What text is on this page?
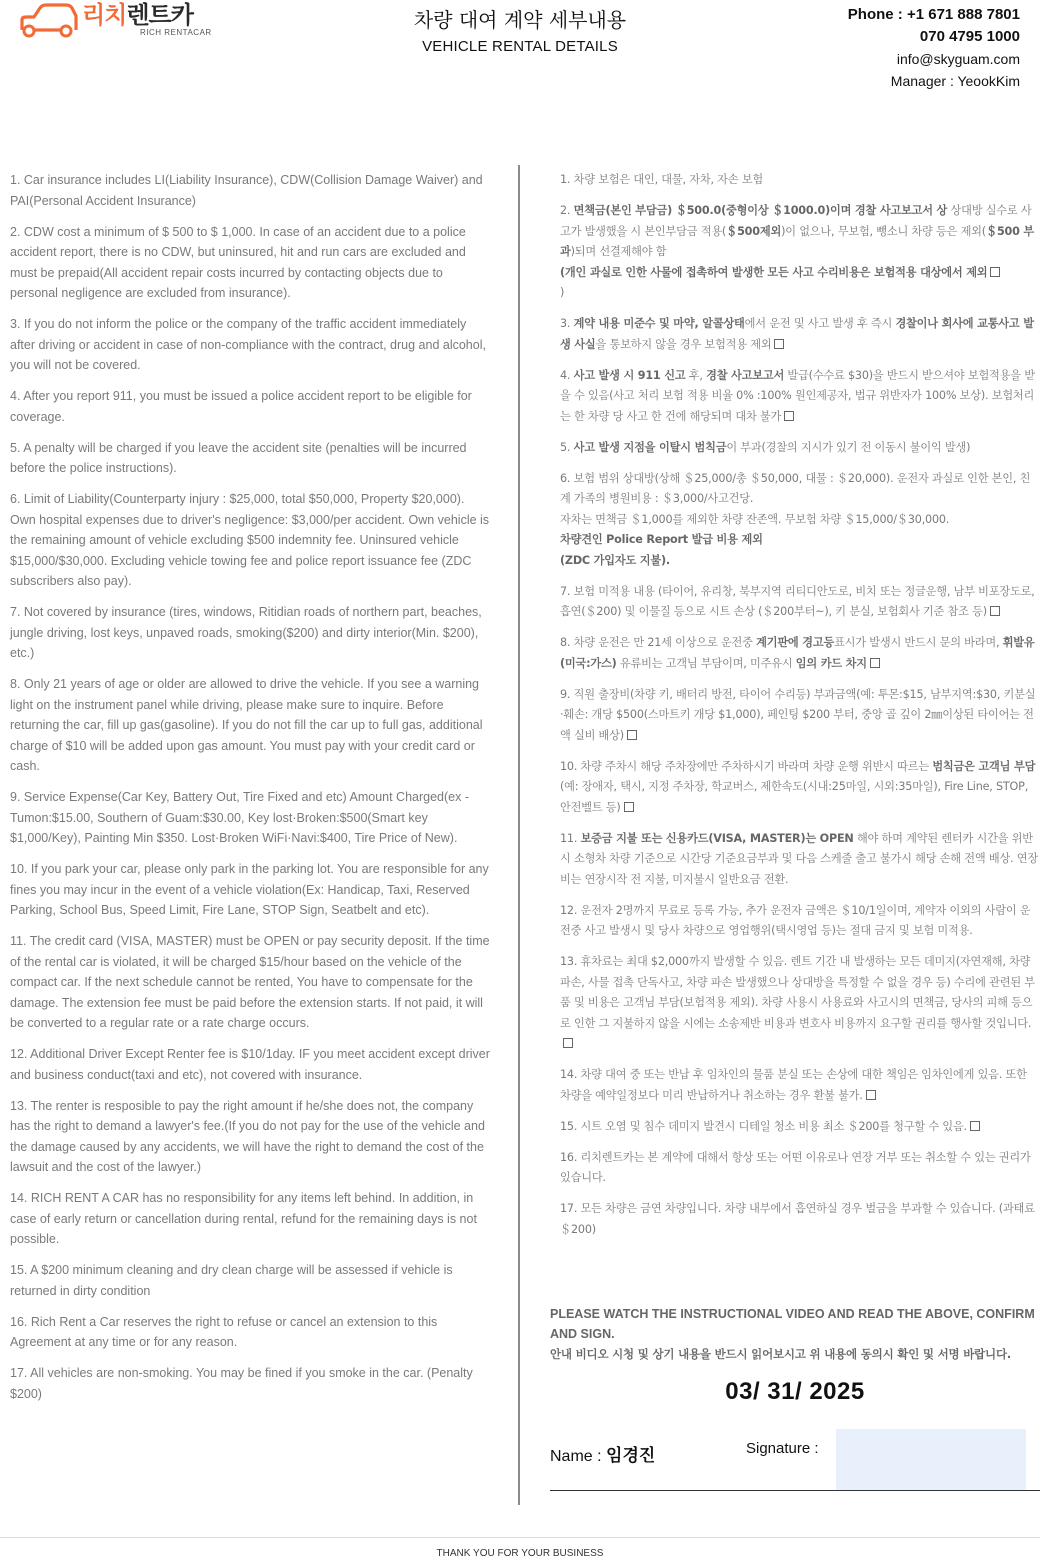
리치렌트카
RICH RENTACAR
차량 대여 계약 세부내용
VEHICLE RENTAL DETAILS
Phone : +1 671 888 7801
070 4795 1000
info@skyguam.com
Manager : YeookKim

1. Car insurance includes LI(Liability Insurance), CDW(Collision Damage Waiver) and PAI(Personal Accident Insurance)

2. CDW cost a minimum of $ 500 to $ 1,000. In case of an accident due to a police accident report, there is no CDW, but uninsured, hit and run cars are excluded and must be prepaid(All accident repair costs incurred by contacting objects due to personal negligence are excluded from insurance).

3. If you do not inform the police or the company of the traffic accident immediately after driving or accident in case of non-compliance with the contract, drug and alcohol, you will not be covered.

4. After you report 911, you must be issued a police accident report to be eligible for coverage.

5. A penalty will be charged if you leave the accident site (penalties will be incurred before the police instructions).

6. Limit of Liability(Counterparty injury : $25,000, total $50,000, Property $20,000). Own hospital expenses due to driver's negligence: $3,000/per accident. Own vehicle is the remaining amount of vehicle excluding $500 indemnity fee. Uninsured vehicle $15,000/$30,000. Excluding vehicle towing fee and police report issuance fee (ZDC subscribers also pay).

7. Not covered by insurance (tires, windows, Ritidian roads of northern part, beaches, jungle driving, lost keys, unpaved roads, smoking($200) and dirty interior(Min. $200), etc.)

8. Only 21 years of age or older are allowed to drive the vehicle. If you see a warning light on the instrument panel while driving, please make sure to inquire. Before returning the car, fill up gas(gasoline). If you do not fill the car up to full gas, additional charge of $10 will be added upon gas amount. You must pay with your credit card or cash.

9. Service Expense(Car Key, Battery Out, Tire Fixed and etc) Amount Charged(ex - Tumon:$15.00, Southern of Guam:$30.00, Key lost·Broken:$500(Smart key $1,000/Key), Painting Min $350. Lost·Broken WiFi·Navi:$400, Tire Price of New).

10. If you park your car, please only park in the parking lot. You are responsible for any fines you may incur in the event of a vehicle violation(Ex: Handicap, Taxi, Reserved Parking, School Bus, Speed Limit, Fire Lane, STOP Sign, Seatbelt and etc).

11. The credit card (VISA, MASTER) must be OPEN or pay security deposit. If the time of the rental car is violated, it will be charged $15/hour based on the vehicle of the compact car. If the next schedule cannot be rented, You have to compensate for the damage. The extension fee must be paid before the extension starts. If not paid, it will be converted to a regular rate or a rate charge occurs.

12. Additional Driver Except Renter fee is $10/1day. IF you meet accident except driver and business conduct(taxi and etc), not covered with insurance.

13. The renter is resposible to pay the right amount if he/she does not, the company has the right to demand a lawyer's fee.(If you do not pay for the use of the vehicle and the damage caused by any accidents, we will have the right to demand the cost of the lawsuit and the cost of the lawyer.)

14. RICH RENT A CAR has no responsibility for any items left behind. In addition, in case of early return or cancellation during rental, refund for the remaining days is not possible.

15. A $200 minimum cleaning and dry clean charge will be assessed if vehicle is returned in dirty condition

16. Rich Rent a Car reserves the right to refuse or cancel an extension to this Agreement at any time or for any reason.

17. All vehicles are non-smoking. You may be fined if you smoke in the car. (Penalty $200)

1. 차량 보험은 대인, 대물, 자차, 자손 보험

2. 면책금(본인 부담금) ＄500.0(중형이상 ＄1000.0)이며 경찰 사고보고서 상 상대방 실수로 사고가 발생했을 시 본인부담금 적용(＄500제외)이 없으나, 무보험, 뺑소니 차량 등은 제외(＄500 부과)되며 선결제해야 함
(개인 과실로 인한 사물에 접촉하여 발생한 모든 사고 수리비용은 보험적용 대상에서 제외
)

3. 계약 내용 미준수 및 마약, 알콜상태에서 운전 및 사고 발생 후 즉시 경찰이나 회사에 교통사고 발생 사실을 통보하지 않을 경우 보험적용 제외

4. 사고 발생 시 911 신고 후, 경찰 사고보고서 발급(수수료 $30)을 반드시 받으셔야 보험적용을 받을 수 있음(사고 처리 보험 적용 비율 0% :100% 원인제공자, 법규 위반자가 100% 보상). 보험처리는 한 차량 당 사고 한 건에 해당되며 대차 불가

5. 사고 발생 지점을 이탈시 범칙금이 부과(경찰의 지시가 있기 전 이동시 불이익 발생)

6. 보험 범위 상대방(상해 ＄25,000/총 ＄50,000, 대물 : ＄20,000). 운전자 과실로 인한 본인, 친계 가족의 병원비용 : ＄3,000/사고건당.
자차는 면책금 ＄1,000를 제외한 차량 잔존액. 무보험 차량 ＄15,000/＄30,000.
차량견인 Police Report 발급 비용 제외
(ZDC 가입자도 지불).

7. 보험 미적용 내용 (타이어, 유리창, 북부지역 리티디안도로, 비치 또는 정글운행, 남부 비포장도로, 흡연(＄200) 및 이물질 등으로 시트 손상 (＄200부터~), 키 분실, 보험회사 기준 참조 등)

8. 차량 운전은 만 21세 이상으로 운전중 계기판에 경고등표시가 발생시 반드시 문의 바라며, 휘발유(미국:가스) 유류비는 고객님 부담이며, 미주유시 임의 카드 차지

9. 직원 출장비(차량 키, 배터리 방전, 타이어 수리등) 부과금액(예: 투몬:$15, 남부지역:$30, 키분실·훼손: 개당 $500(스마트키 개당 $1,000), 페인팅 $200 부터, 중앙 골 깊이 2㎜이상된 타이어는 전액 실비 배상)

10. 차량 주차시 해당 주차장에만 주차하시기 바라며 차량 운행 위반시 따르는 범칙금은 고객님 부담 (예: 장애자, 택시, 지정 주차장, 학교버스, 제한속도(시내:25마일, 시외:35마일), Fire Line, STOP, 안전벨트 등)

11. 보증금 지불 또는 신용카드(VISA, MASTER)는 OPEN 해야 하며 계약된 렌터카 시간을 위반시 소형차 차량 기준으로 시간당 기준요금부과 및 다음 스케줄 출고 불가시 해당 손해 전액 배상. 연장비는 연장시작 전 지불, 미지불시 일반요금 전환.

12. 운전자 2명까지 무료로 등록 가능, 추가 운전자 금액은 ＄10/1일이며, 계약자 이외의 사람이 운전중 사고 발생시 및 당사 차량으로 영업행위(택시영업 등)는 절대 금지 및 보험 미적용.

13. 휴차료는 최대 $2,000까지 발생할 수 있음. 렌트 기간 내 발생하는 모든 데미지(자연재해, 차량 파손, 사물 접촉 단독사고, 차량 파손 발생했으나 상대방을 특정할 수 없을 경우 등) 수리에 관련된 부품 및 비용은 고객님 부담(보험적용 제외). 차량 사용시 사용료와 사고시의 면책금, 당사의 피해 등으로 인한 그 지불하지 않을 시에는 소송제반 비용과 변호사 비용까지 요구할 권리를 행사할 것입니다.

14. 차량 대여 중 또는 반납 후 임차인의 물품 분실 또는 손상에 대한 책임은 임차인에게 있음. 또한 차량을 예약일정보다 미리 반납하거나 취소하는 경우 환불 불가.

15. 시트 오염 및 침수 데미지 발견시 디테일 청소 비용 최소 ＄200를 청구할 수 있음.

16. 리치렌트카는 본 계약에 대해서 항상 또는 어떤 이유로나 연장 거부 또는 취소할 수 있는 권리가 있습니다.

17. 모든 차량은 금연 차량입니다. 차량 내부에서 흡연하실 경우 벌금을 부과할 수 있습니다. (과태료 ＄200)

PLEASE WATCH THE INSTRUCTIONAL VIDEO AND READ THE ABOVE, CONFIRM AND SIGN.
안내 비디오 시청 및 상기 내용을 반드시 읽어보시고 위 내용에 동의시 확인 및 서명 바랍니다.
03/ 31/ 2025
Name : 임경진	Signature :
THANK YOU FOR YOUR BUSINESS
